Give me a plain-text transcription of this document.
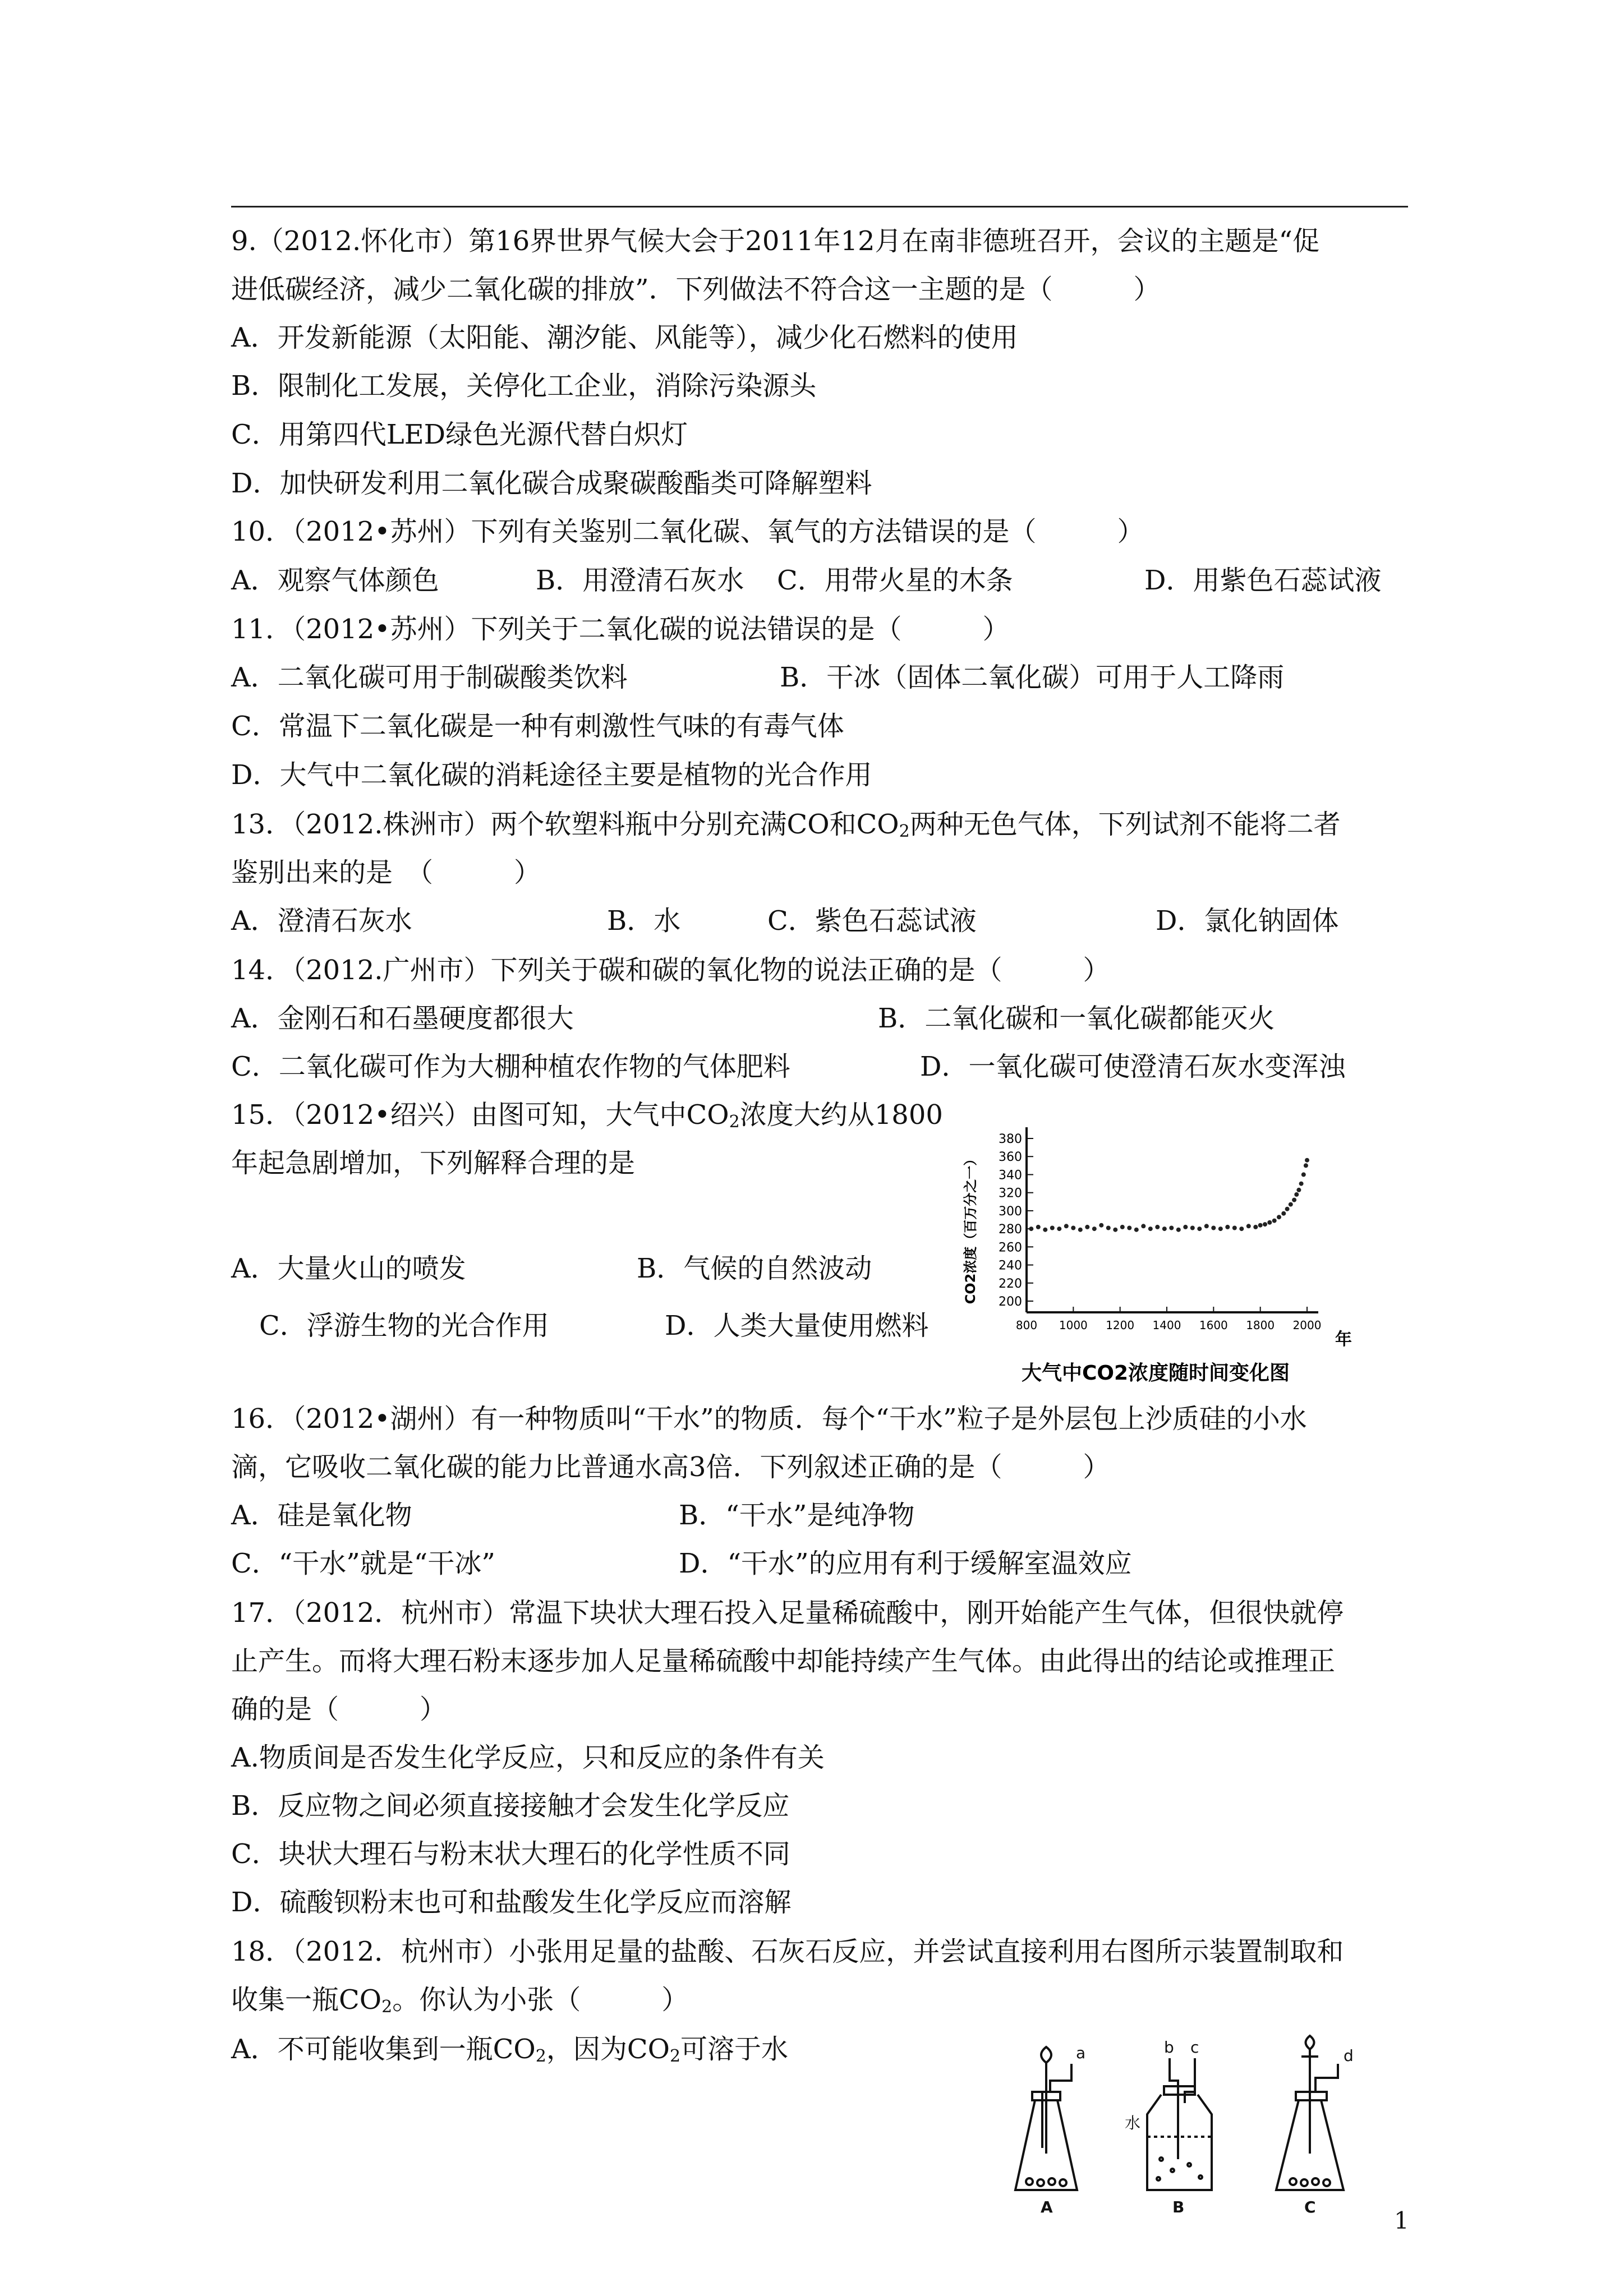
9.（2012.怀化市）第16界世界气候大会于2011年12月在南非德班召开，会议的主题是“促
进低碳经济，减少二氧化碳的排放”．下列做法不符合这一主题的是（　　　）
A．开发新能源（太阳能、潮汐能、风能等），减少化石燃料的使用
B．限制化工发展，关停化工企业，消除污染源头
C．用第四代LED绿色光源代替白炽灯
D．加快研发利用二氧化碳合成聚碳酸酯类可降解塑料
10．（2012•苏州）下列有关鉴别二氧化碳、氧气的方法错误的是（　　　）
A．观察气体颜色	B．用澄清石灰水 C．用带火星的木条	D．用紫色石蕊试液
11．（2012•苏州）下列关于二氧化碳的说法错误的是（　　　）
A．二氧化碳可用于制碳酸类饮料	B．干冰（固体二氧化碳）可用于人工降雨
C．常温下二氧化碳是一种有刺激性气味的有毒气体
D．大气中二氧化碳的消耗途径主要是植物的光合作用
13．（2012.株洲市）两个软塑料瓶中分别充满CO和$CO_2$两种无色气体，下列试剂不能将二者
鉴别出来的是　（　　　）
A．澄清石灰水	B．水	C．紫色石蕊试液	D．氯化钠固体
14．（2012.广州市）下列关于碳和碳的氧化物的说法正确的是（　　　）
A．金刚石和石墨硬度都很大	B．二氧化碳和一氧化碳都能灭火
C．二氧化碳可作为大棚种植农作物的气体肥料	D．一氧化碳可使澄清石灰水变浑浊
15．（2012•绍兴）由图可知，大气中$CO_2$浓度大约从1800
年起急剧增加，下列解释合理的是
A．大量火山的喷发	B．气候的自然波动
C．浮游生物的光合作用	D．人类大量使用燃料
CO2浓度（百万分之一）
380
360
340
320
300
280
260
240
220
200
800 1000 1200 1400 1600 1800 2000
年
大气中CO2浓度随时间变化图
16．（2012•湖州）有一种物质叫“干水”的物质．每个“干水”粒子是外层包上沙质硅的小水
滴，它吸收二氧化碳的能力比普通水高3倍．下列叙述正确的是（　　　）
A．硅是氧化物	B．“干水”是纯净物
C．“干水”就是“干冰”	D．“干水”的应用有利于缓解室温效应
17．（2012．杭州市）常温下块状大理石投入足量稀硫酸中，刚开始能产生气体，但很快就停
止产生。而将大理石粉末逐步加人足量稀硫酸中却能持续产生气体。由此得出的结论或推理正
确的是（　　　）
A.物质间是否发生化学反应，只和反应的条件有关
B．反应物之间必须直接接触才会发生化学反应
C．块状大理石与粉末状大理石的化学性质不同
D．硫酸钡粉末也可和盐酸发生化学反应而溶解
18．（2012．杭州市）小张用足量的盐酸、石灰石反应，并尝试直接利用右图所示装置制取和
收集一瓶$CO_2$。你认为小张（　　　）
A．不可能收集到一瓶$CO_2$，因为$CO_2$可溶于水	a	b c	d
水
A	B	C	1
